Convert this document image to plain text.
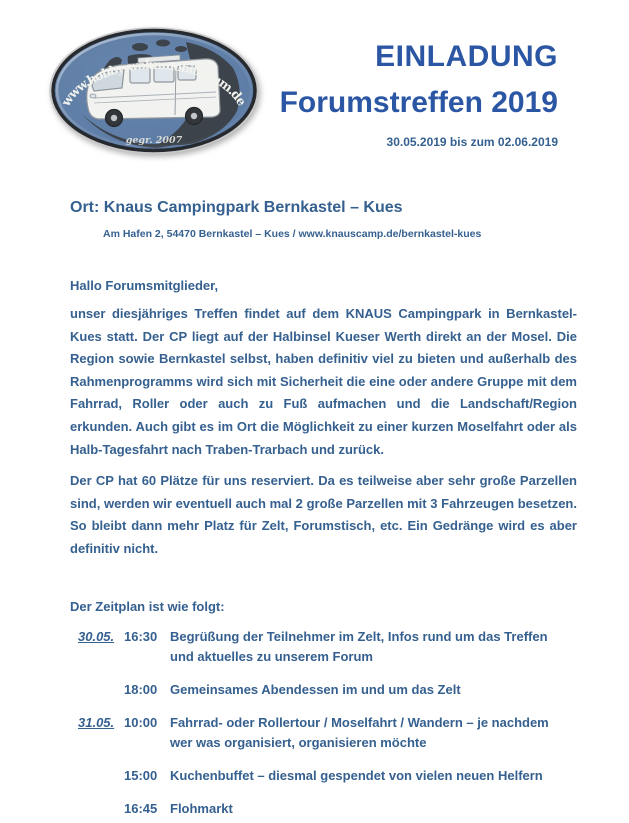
www.hobby-wohnmobilforum.de
gegr. 2007
EINLADUNG
Forumstreffen 2019
30.05.2019 bis zum 02.06.2019
Ort: Knaus Campingpark Bernkastel – Kues
Am Hafen 2, 54470 Bernkastel – Kues / www.knauscamp.de/bernkastel-kues
Hallo Forumsmitglieder,
unser diesjähriges Treffen findet auf dem KNAUS Campingpark in Bernkastel-Kues statt. Der CP liegt auf der Halbinsel Kueser Werth direkt an der Mosel. Die Region sowie Bernkastel selbst, haben definitiv viel zu bieten und außerhalb des Rahmenprogramms wird sich mit Sicherheit die eine oder andere Gruppe mit dem Fahrrad, Roller oder auch zu Fuß aufmachen und die Landschaft/Region erkunden. Auch gibt es im Ort die Möglichkeit zu einer kurzen Moselfahrt oder als Halb-Tagesfahrt nach Traben-Trarbach und zurück.
Der CP hat 60 Plätze für uns reserviert. Da es teilweise aber sehr große Parzellen sind, werden wir eventuell auch mal 2 große Parzellen mit 3 Fahrzeugen besetzen. So bleibt dann mehr Platz für Zelt, Forumstisch, etc. Ein Gedränge wird es aber definitiv nicht.
Der Zeitplan ist wie folgt:
30.05. 16:30 Begrüßung der Teilnehmer im Zelt, Infos rund um das Treffen und aktuelles zu unserem Forum
18:00 Gemeinsames Abendessen im und um das Zelt
31.05. 10:00 Fahrrad- oder Rollertour / Moselfahrt / Wandern – je nachdem wer was organisiert, organisieren möchte
15:00 Kuchenbuffet – diesmal gespendet von vielen neuen Helfern
16:45 Flohmarkt
